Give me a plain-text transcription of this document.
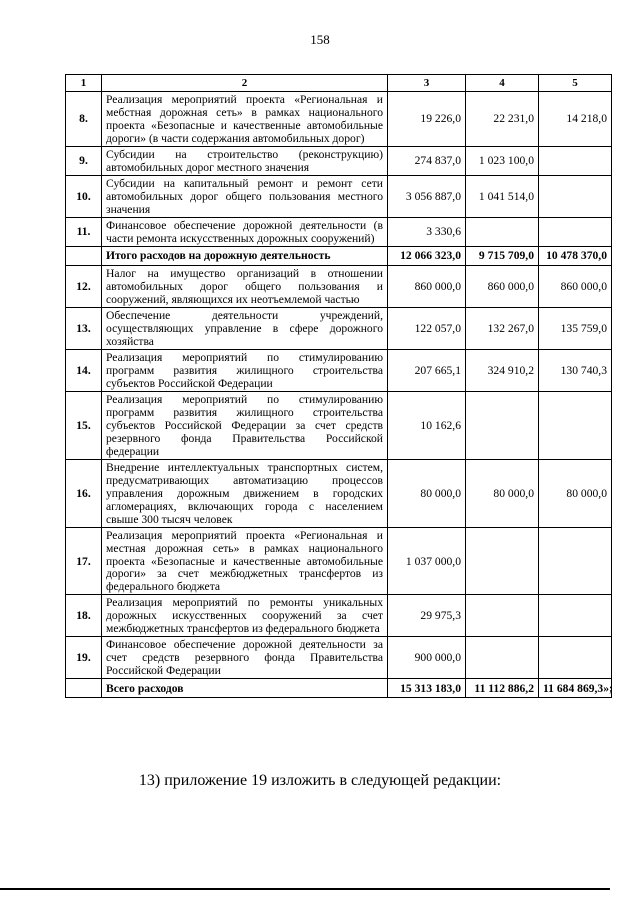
158
1	2	3	4	5
8.	Реализация мероприятий проекта «Региональная и мебстная дорожная сеть» в рамках национального проекта «Безопасные и качественные автомобильные дороги» (в части содержания автомобильных дорог)	19 226,0	22 231,0	14 218,0
9.	Субсидии на строительство (реконструкцию) автомобильных дорог местного значения	274 837,0	1 023 100,0	
10.	Субсидии на капитальный ремонт и ремонт сети автомобильных дорог общего пользования местного значения	3 056 887,0	1 041 514,0	
11.	Финансовое обеспечение дорожной деятельности (в части ремонта искусственных дорожных сооружений)	3 330,6		
	Итого расходов на дорожную деятельность	12 066 323,0	9 715 709,0	10 478 370,0
12.	Налог на имущество организаций в отношении автомобильных дорог общего пользования и сооружений, являющихся их неотъемлемой частью	860 000,0	860 000,0	860 000,0
13.	Обеспечение деятельности учреждений, осуществляющих управление в сфере дорожного хозяйства	122 057,0	132 267,0	135 759,0
14.	Реализация мероприятий по стимулированию программ развития жилищного строительства субъектов Российской Федерации	207 665,1	324 910,2	130 740,3
15.	Реализация мероприятий по стимулированию программ развития жилищного строительства субъектов Российской Федерации за счет средств резервного фонда Правительства Российской федерации	10 162,6		
16.	Внедрение интеллектуальных транспортных систем, предусматривающих автоматизацию процессов управления дорожным движением в городских агломерациях, включающих города с населением свыше 300 тысяч человек	80 000,0	80 000,0	80 000,0
17.	Реализация мероприятий проекта «Региональная и местная дорожная сеть» в рамках национального проекта «Безопасные и качественные автомобильные дороги» за счет межбюджетных трансфертов из федерального бюджета	1 037 000,0		
18.	Реализация мероприятий по ремонты уникальных дорожных искусственных сооружений за счет межбюджетных трансфертов из федерального бюджета	29 975,3		
19.	Финансовое обеспечение дорожной деятельности за счет средств резервного фонда Правительства Российской Федерации	900 000,0		
	Всего расходов	15 313 183,0	11 112 886,2	11 684 869,3»;
13) приложение 19 изложить в следующей редакции:
